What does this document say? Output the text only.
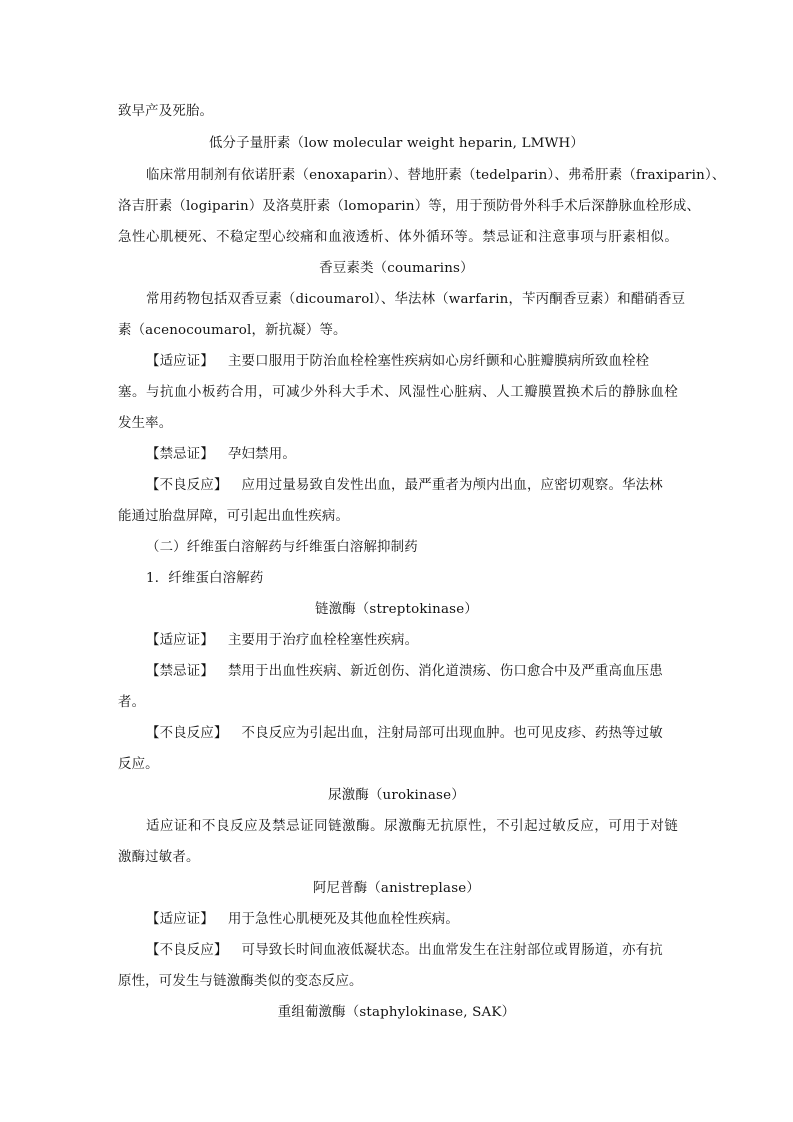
致早产及死胎。
低分子量肝素（low molecular weight heparin, LMWH）
临床常用制剂有依诺肝素（enoxaparin）、替地肝素（tedelparin）、弗希肝素（fraxiparin）、
洛吉肝素（logiparin）及洛莫肝素（lomoparin）等，用于预防骨外科手术后深静脉血栓形成、
急性心肌梗死、不稳定型心绞痛和血液透析、体外循环等。禁忌证和注意事项与肝素相似。
香豆素类（coumarins）
常用药物包括双香豆素（dicoumarol）、华法林（warfarin，苄丙酮香豆素）和醋硝香豆
素（acenocoumarol，新抗凝）等。
【适应证】 主要口服用于防治血栓栓塞性疾病如心房纤颤和心脏瓣膜病所致血栓栓
塞。与抗血小板药合用，可减少外科大手术、风湿性心脏病、人工瓣膜置换术后的静脉血栓
发生率。
【禁忌证】 孕妇禁用。
【不良反应】 应用过量易致自发性出血，最严重者为颅内出血，应密切观察。华法林
能通过胎盘屏障，可引起出血性疾病。
（二）纤维蛋白溶解药与纤维蛋白溶解抑制药
1．纤维蛋白溶解药
链激酶（streptokinase）
【适应证】 主要用于治疗血栓栓塞性疾病。
【禁忌证】 禁用于出血性疾病、新近创伤、消化道溃疡、伤口愈合中及严重高血压患
者。
【不良反应】 不良反应为引起出血，注射局部可出现血肿。也可见皮疹、药热等过敏
反应。
尿激酶（urokinase）
适应证和不良反应及禁忌证同链激酶。尿激酶无抗原性，不引起过敏反应，可用于对链
激酶过敏者。
阿尼普酶（anistreplase）
【适应证】 用于急性心肌梗死及其他血栓性疾病。
【不良反应】 可导致长时间血液低凝状态。出血常发生在注射部位或胃肠道，亦有抗
原性，可发生与链激酶类似的变态反应。
重组葡激酶（staphylokinase, SAK）
